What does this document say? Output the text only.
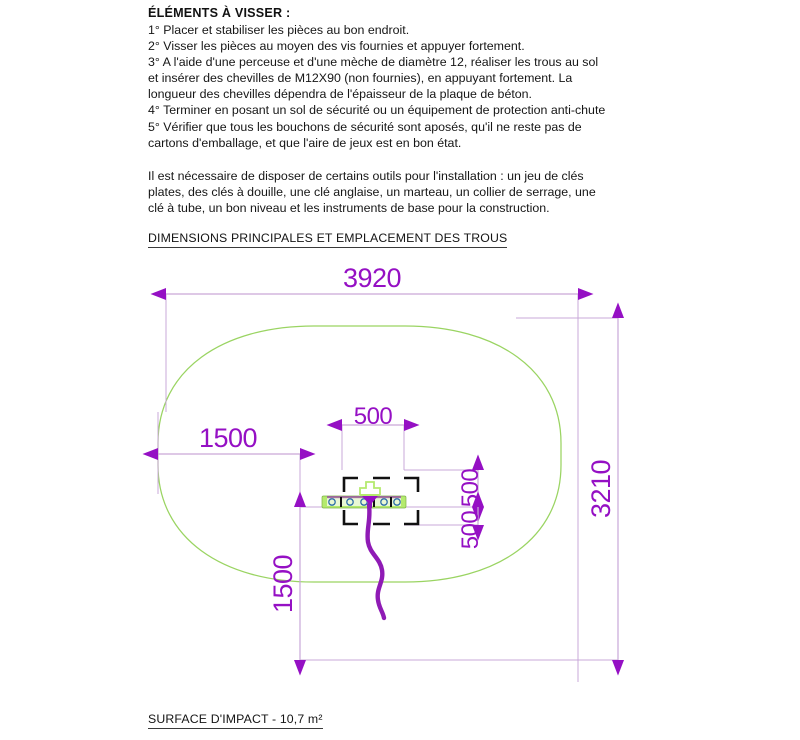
ÉLÉMENTS À VISSER :
1° Placer et stabiliser les pièces au bon endroit.
2° Visser les pièces au moyen des vis fournies et appuyer fortement.
3° A l'aide d'une perceuse et d'une mèche de diamètre 12, réaliser les trous au sol
et insérer des chevilles de M12X90 (non fournies), en appuyant fortement. La
longueur des chevilles dépendra de l'épaisseur de la plaque de béton.
4° Terminer en posant un sol de sécurité ou un équipement de protection anti-chute
5° Vérifier que tous les bouchons de sécurité sont aposés, qu'il ne reste pas de
cartons d'emballage, et que l'aire de jeux est en bon état.
Il est nécessaire de disposer de certains outils pour l'installation : un jeu de clés
plates, des clés à douille, une clé anglaise, un marteau, un collier de serrage, une
clé à tube, un bon niveau et les instruments de base pour la construction.
DIMENSIONS PRINCIPALES ET EMPLACEMENT DES TROUS
3920
3210
1500
1500
500
500
500
SURFACE D'IMPACT - 10,7 m²
